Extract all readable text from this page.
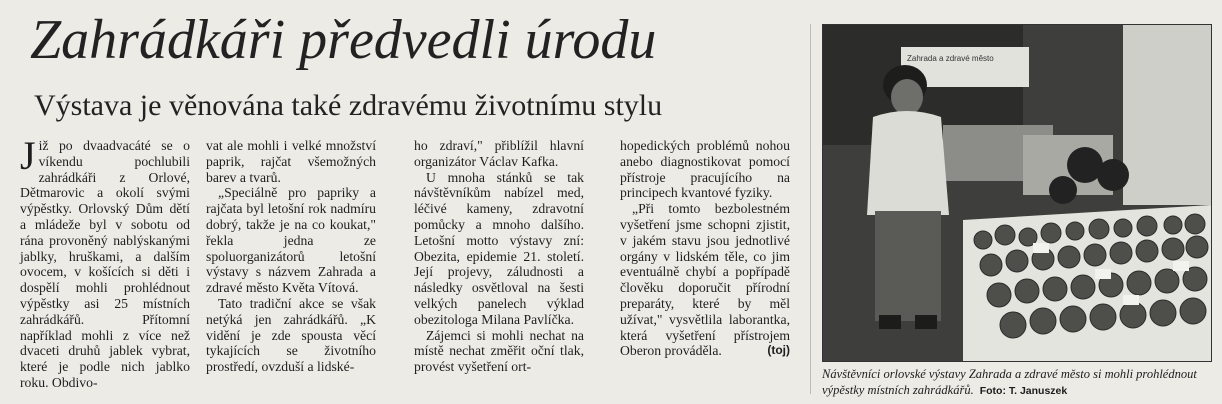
Zahrádkáři předvedli úrodu
Výstava je věnována také zdravému životnímu stylu

Již po dvaadvacáté se o víkendu pochlubili zahrádkáři z Orlové, Dětmarovic a okolí svými výpěstky. Orlovský Dům dětí a mládeže byl v sobotu od rána provoněný nablýskanými jablky, hruškami, a dalším ovocem, v košících si děti i dospělí mohli prohlédnout výpěstky asi 25 místních zahrádkářů. Přítomní například mohli z více než dvaceti druhů jablek vybrat, které je podle nich jablko roku. Obdivo-

vat ale mohli i velké množství paprik, rajčat všemožných barev a tvarů.

„Speciálně pro papriky a rajčata byl letošní rok nadmíru dobrý, takže je na co koukat," řekla jedna ze spoluorganizátorů letošní výstavy s názvem Zahrada a zdravé město Květa Vítová.

Tato tradiční akce se však netýká jen zahrádkářů. „K vidění je zde spousta věcí tykajících se životního prostředí, ovzduší a lidské-

ho zdraví," přiblížil hlavní organizátor Václav Kafka.

U mnoha stánků se tak návštěvníkům nabízel med, léčivé kameny, zdravotní pomůcky a mnoho dalšího. Letošní motto výstavy zní: Obezita, epidemie 21. století. Její projevy, záludnosti a následky osvětloval na šesti velkých panelech výklad obezitologa Milana Pavlíčka.

Zájemci si mohli nechat na místě nechat změřit oční tlak, provést vyšetření ort-

hopedických problémů nohou anebo diagnostikovat pomocí přístroje pracujícího na principech kvantové fyziky.

„Při tomto bezbolestném vyšetření jsme schopni zjistit, v jakém stavu jsou jednotlivé orgány v lidském těle, co jim eventuálně chybí a popřípadě člověku doporučit přírodní preparáty, které by měl užívat," vysvětlila laborantka, která vyšetření přístrojem Oberon prováděla.	(toj)

Zahrada a zdravé město
Návštěvníci orlovské výstavy Zahrada a zdravé město si mohli prohlédnout výpěstky místních zahrádkářů. Foto: T. Januszek
